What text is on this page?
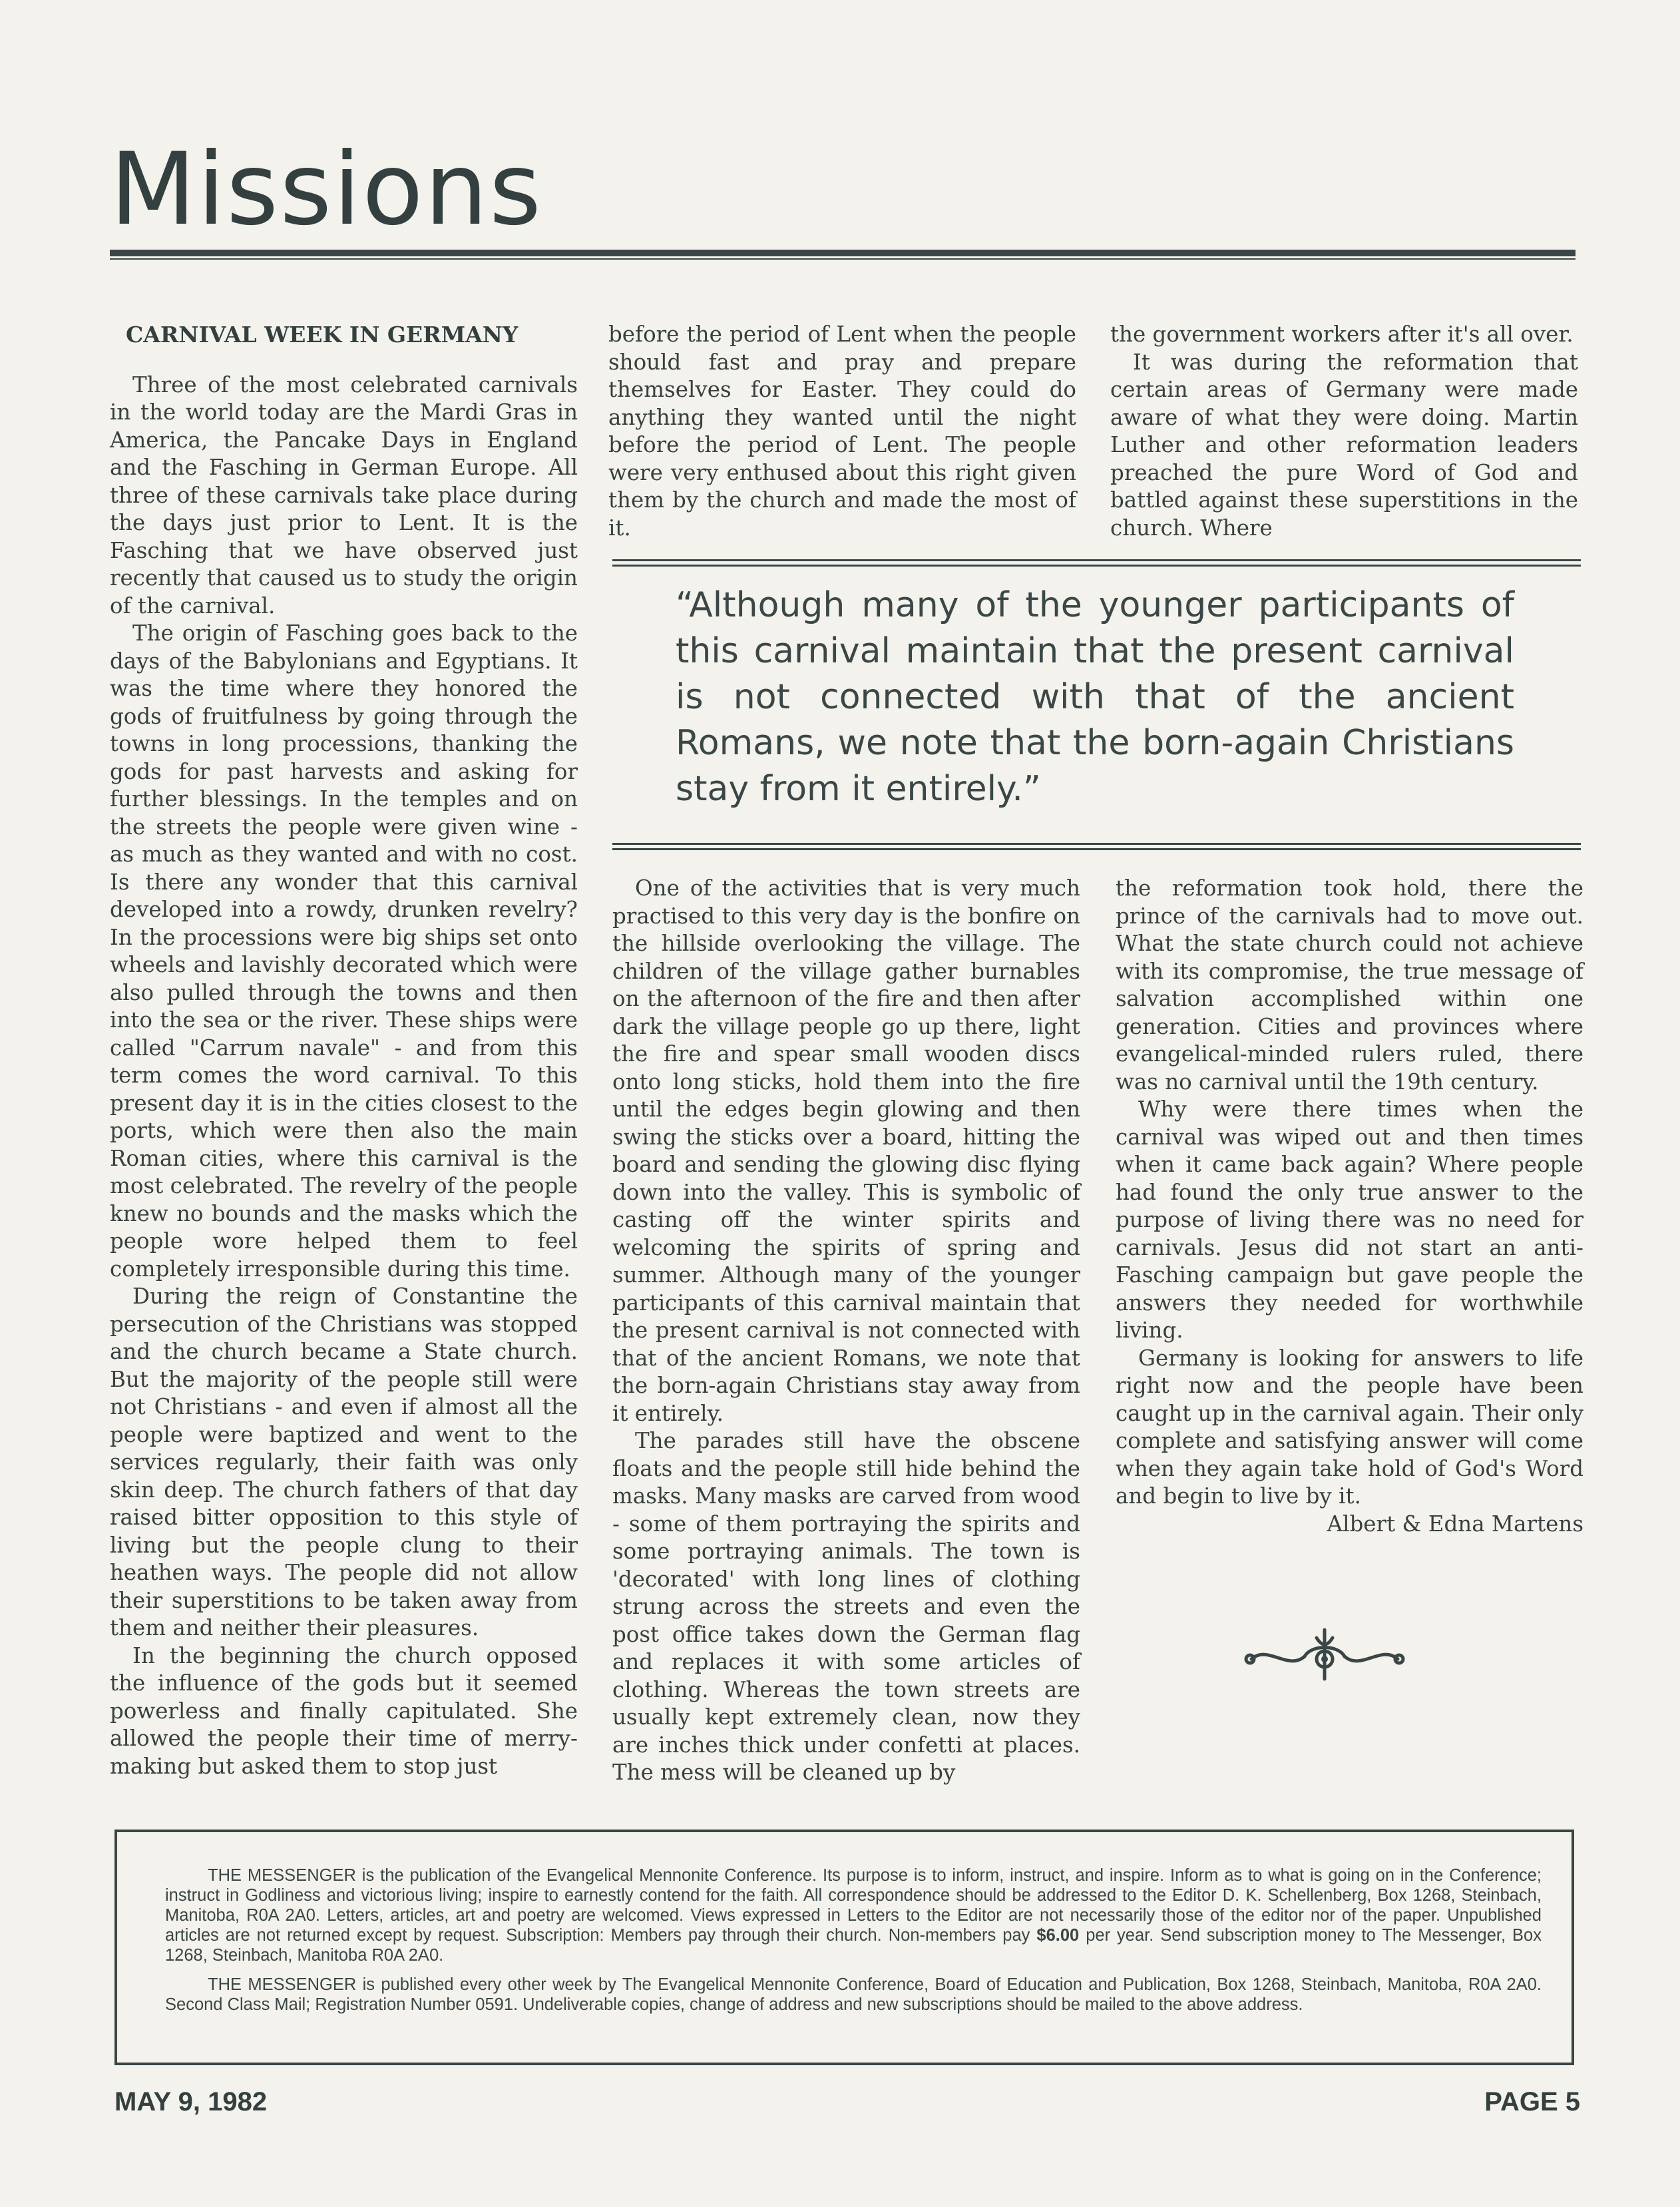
Missions
CARNIVAL WEEK IN GERMANY

Three of the most celebrated carnivals in the world today are the Mardi Gras in America, the Pancake Days in England and the Fasching in German Europe. All three of these carnivals take place during the days just prior to Lent. It is the Fasching that we have observed just recently that caused us to study the origin of the carnival.

The origin of Fasching goes back to the days of the Babylonians and Egyptians. It was the time where they honored the gods of fruitfulness by going through the towns in long processions, thanking the gods for past harvests and asking for further blessings. In the temples and on the streets the people were given wine - as much as they wanted and with no cost. Is there any wonder that this carnival developed into a rowdy, drunken revelry? In the processions were big ships set onto wheels and lavishly decorated which were also pulled through the towns and then into the sea or the river. These ships were called "Carrum navale" - and from this term comes the word carnival. To this present day it is in the cities closest to the ports, which were then also the main Roman cities, where this carnival is the most celebrated. The revelry of the people knew no bounds and the masks which the people wore helped them to feel completely irresponsible during this time.

During the reign of Constantine the persecution of the Christians was stopped and the church became a State church. But the majority of the people still were not Christians - and even if almost all the people were baptized and went to the services regularly, their faith was only skin deep. The church fathers of that day raised bitter opposition to this style of living but the people clung to their heathen ways. The people did not allow their superstitions to be taken away from them and neither their pleasures.

In the beginning the church opposed the influence of the gods but it seemed powerless and finally capitulated. She allowed the people their time of merry-making but asked them to stop just

before the period of Lent when the people should fast and pray and prepare themselves for Easter. They could do anything they wanted until the night before the period of Lent. The people were very enthused about this right given them by the church and made the most of it.

the government workers after it's all over.

It was during the reformation that certain areas of Germany were made aware of what they were doing. Martin Luther and other reformation leaders preached the pure Word of God and battled against these superstitions in the church. Where

“Although many of the younger participants of this carnival maintain that the present carnival is not connected with that of the ancient Romans, we note that the born-again Christians stay from it entirely.”

One of the activities that is very much practised to this very day is the bonfire on the hillside overlooking the village. The children of the village gather burnables on the afternoon of the fire and then after dark the village people go up there, light the fire and spear small wooden discs onto long sticks, hold them into the fire until the edges begin glowing and then swing the sticks over a board, hitting the board and sending the glowing disc flying down into the valley. This is symbolic of casting off the winter spirits and welcoming the spirits of spring and summer. Although many of the younger participants of this carnival maintain that the present carnival is not connected with that of the ancient Romans, we note that the born-again Christians stay away from it entirely.

The parades still have the obscene floats and the people still hide behind the masks. Many masks are carved from wood - some of them portraying the spirits and some portraying animals. The town is 'decorated' with long lines of clothing strung across the streets and even the post office takes down the German flag and replaces it with some articles of clothing. Whereas the town streets are usually kept extremely clean, now they are inches thick under confetti at places. The mess will be cleaned up by

the reformation took hold, there the prince of the carnivals had to move out. What the state church could not achieve with its compromise, the true message of salvation accomplished within one generation. Cities and provinces where evangelical-minded rulers ruled, there was no carnival until the 19th century.

Why were there times when the carnival was wiped out and then times when it came back again? Where people had found the only true answer to the purpose of living there was no need for carnivals. Jesus did not start an anti-Fasching campaign but gave people the answers they needed for worthwhile living.

Germany is looking for answers to life right now and the people have been caught up in the carnival again. Their only complete and satisfying answer will come when they again take hold of God's Word and begin to live by it.

Albert & Edna Martens

THE MESSENGER is the publication of the Evangelical Mennonite Conference. Its purpose is to inform, instruct, and inspire. Inform as to what is going on in the Conference; instruct in Godliness and victorious living; inspire to earnestly contend for the faith. All correspondence should be addressed to the Editor D. K. Schellenberg, Box 1268, Steinbach, Manitoba, R0A 2A0. Letters, articles, art and poetry are welcomed. Views expressed in Letters to the Editor are not necessarily those of the editor nor of the paper. Unpublished articles are not returned except by request. Subscription: Members pay through their church. Non-members pay $6.00 per year. Send subscription money to The Messenger, Box 1268, Steinbach, Manitoba R0A 2A0.

THE MESSENGER is published every other week by The Evangelical Mennonite Conference, Board of Education and Publication, Box 1268, Steinbach, Manitoba, R0A 2A0. Second Class Mail; Registration Number 0591. Undeliverable copies, change of address and new subscriptions should be mailed to the above address.

MAY 9, 1982	PAGE 5
